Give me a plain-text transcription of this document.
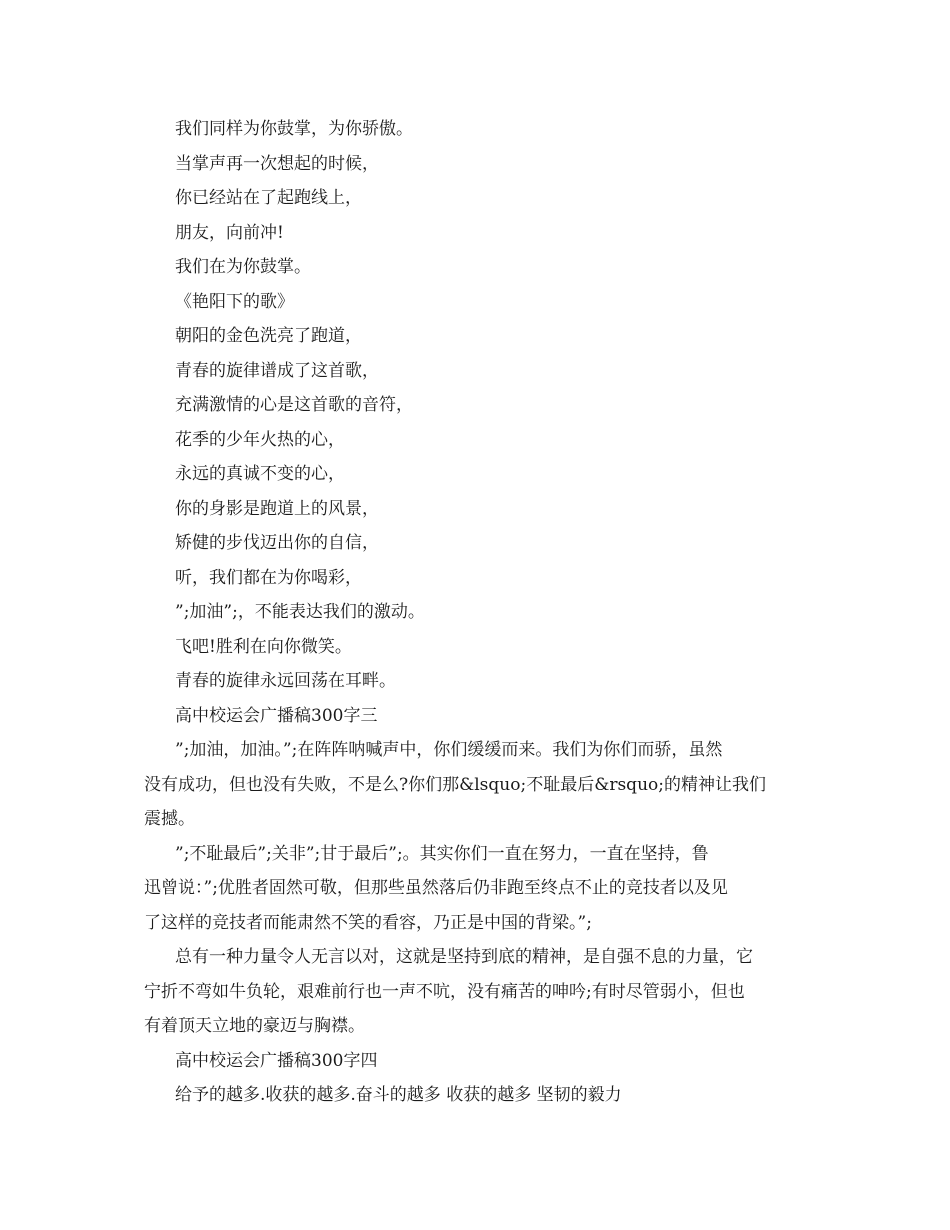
我们同样为你鼓掌，为你骄傲。

当掌声再一次想起的时候，

你已经站在了起跑线上，

朋友，向前冲!

我们在为你鼓掌。

《艳阳下的歌》

朝阳的金色洗亮了跑道，

青春的旋律谱成了这首歌，

充满激情的心是这首歌的音符，

花季的少年火热的心，

永远的真诚不变的心，

你的身影是跑道上的风景，

矫健的步伐迈出你的自信，

听，我们都在为你喝彩，

”;加油”;，不能表达我们的激动。

飞吧!胜利在向你微笑。

青春的旋律永远回荡在耳畔。

高中校运会广播稿300字三

”;加油，加油。”;在阵阵呐喊声中，你们缓缓而来。我们为你们而骄，虽然
没有成功，但也没有失败，不是么?你们那&lsquo;不耻最后&rsquo;的精神让我们
震撼。
”;不耻最后”;关非”;甘于最后”;。其实你们一直在努力，一直在坚持，鲁
迅曾说：”;优胜者固然可敬，但那些虽然落后仍非跑至终点不止的竞技者以及见
了这样的竞技者而能肃然不笑的看容，乃正是中国的背梁。”;
总有一种力量令人无言以对，这就是坚持到底的精神，是自强不息的力量，它
宁折不弯如牛负轮，艰难前行也一声不吭，没有痛苦的呻吟;有时尽管弱小，但也
有着顶天立地的豪迈与胸襟。

高中校运会广播稿300字四

给予的越多.收获的越多.奋斗的越多 收获的越多 坚韧的毅力
